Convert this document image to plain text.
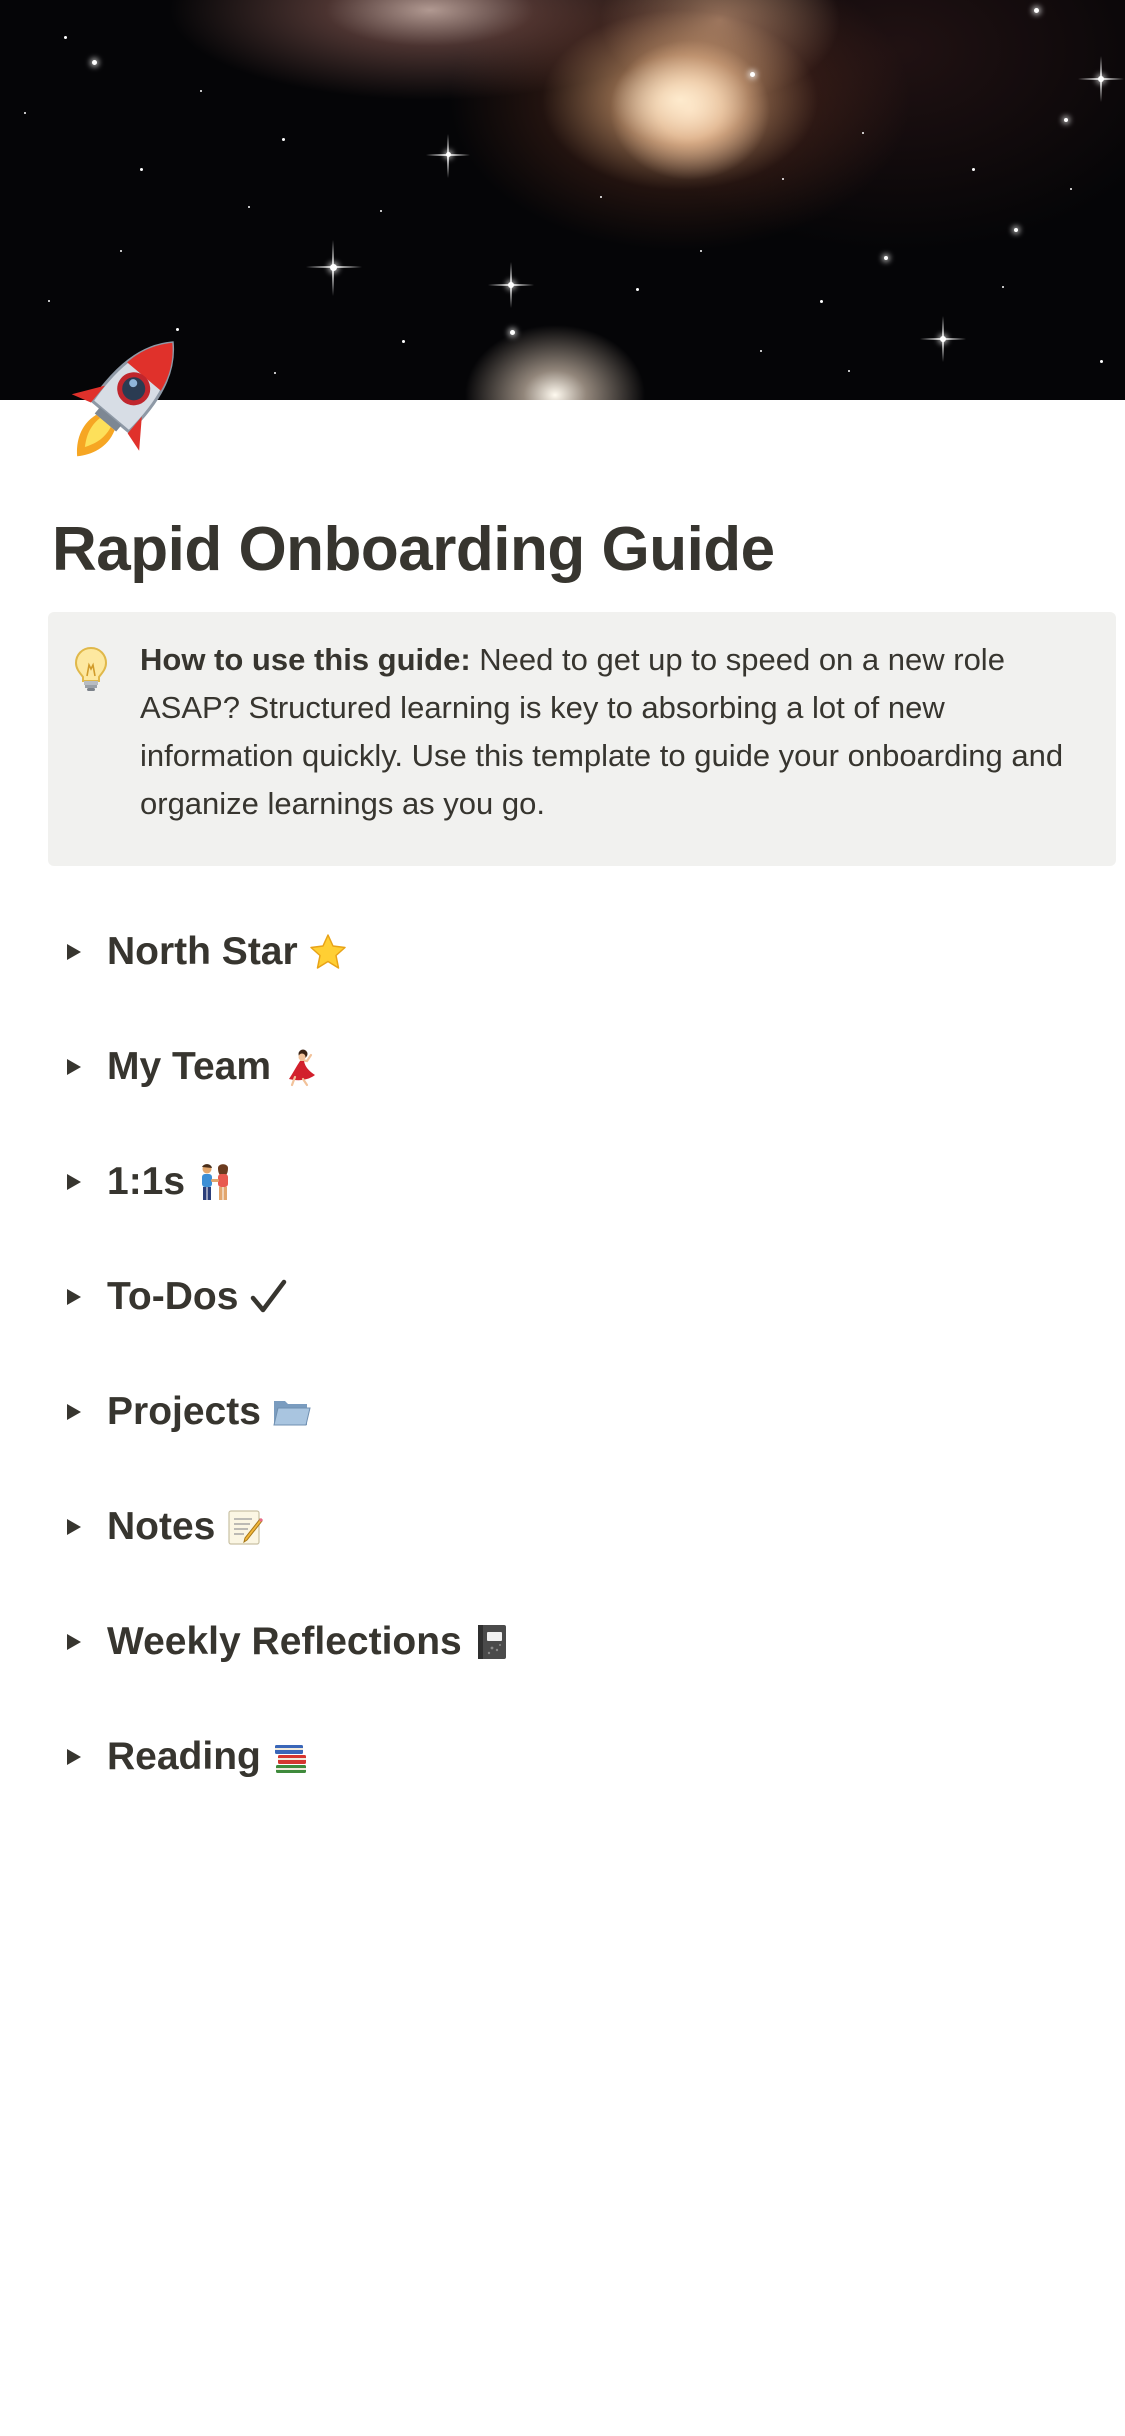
Rapid Onboarding Guide
How to use this guide: Need to get up to speed on a new role ASAP? Structured learning is key to absorbing a lot of new information quickly. Use this template to guide your onboarding and organize learnings as you go.
North Star
My Team
1:1s
To-Dos
Projects
Notes
Weekly Reflections
Reading
